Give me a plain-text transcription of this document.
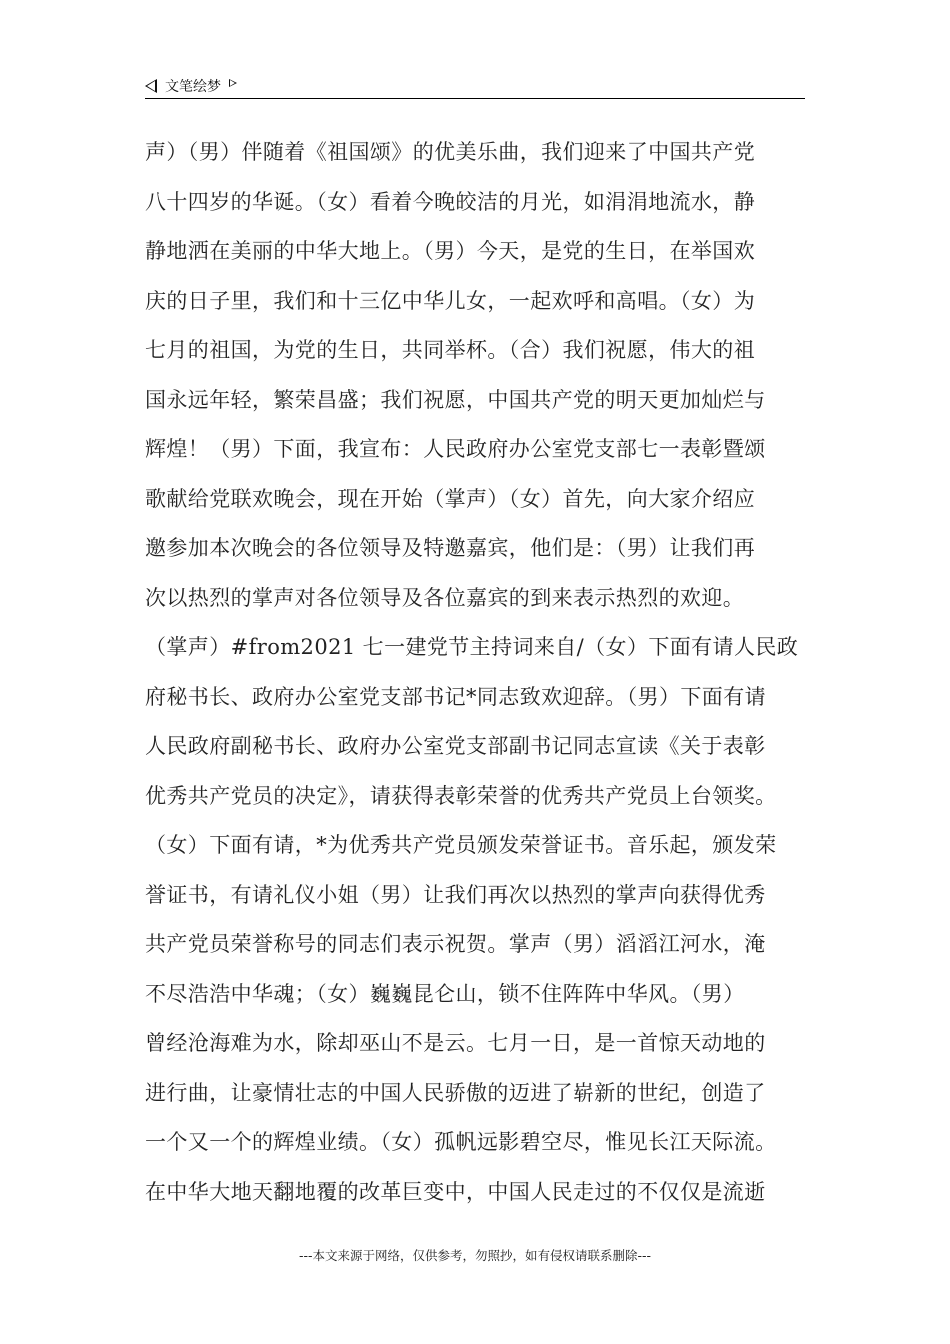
文笔绘梦
声）（男）伴随着《祖国颂》的优美乐曲，我们迎来了中国共产党
八十四岁的华诞。（女）看着今晚皎洁的月光，如涓涓地流水，静
静地洒在美丽的中华大地上。（男）今天，是党的生日，在举国欢
庆的日子里，我们和十三亿中华儿女，一起欢呼和高唱。（女）为
七月的祖国，为党的生日，共同举杯。（合）我们祝愿，伟大的祖
国永远年轻，繁荣昌盛；我们祝愿，中国共产党的明天更加灿烂与
辉煌！（男）下面，我宣布：人民政府办公室党支部七一表彰暨颂
歌献给党联欢晚会，现在开始（掌声）（女）首先，向大家介绍应
邀参加本次晚会的各位领导及特邀嘉宾，他们是：（男）让我们再
次以热烈的掌声对各位领导及各位嘉宾的到来表示热烈的欢迎。
（掌声）#from2021 七一建党节主持词来自/（女）下面有请人民政
府秘书长、政府办公室党支部书记*同志致欢迎辞。（男）下面有请
人民政府副秘书长、政府办公室党支部副书记同志宣读《关于表彰
优秀共产党员的决定》，请获得表彰荣誉的优秀共产党员上台领奖。
（女）下面有请，*为优秀共产党员颁发荣誉证书。音乐起，颁发荣
誉证书，有请礼仪小姐（男）让我们再次以热烈的掌声向获得优秀
共产党员荣誉称号的同志们表示祝贺。掌声（男）滔滔江河水，淹
不尽浩浩中华魂；（女）巍巍昆仑山，锁不住阵阵中华风。（男）
曾经沧海难为水，除却巫山不是云。七月一日，是一首惊天动地的
进行曲，让豪情壮志的中国人民骄傲的迈进了崭新的世纪，创造了
一个又一个的辉煌业绩。（女）孤帆远影碧空尽，惟见长江天际流。
在中华大地天翻地覆的改革巨变中，中国人民走过的不仅仅是流逝
---本文来源于网络，仅供参考，勿照抄，如有侵权请联系删除---
